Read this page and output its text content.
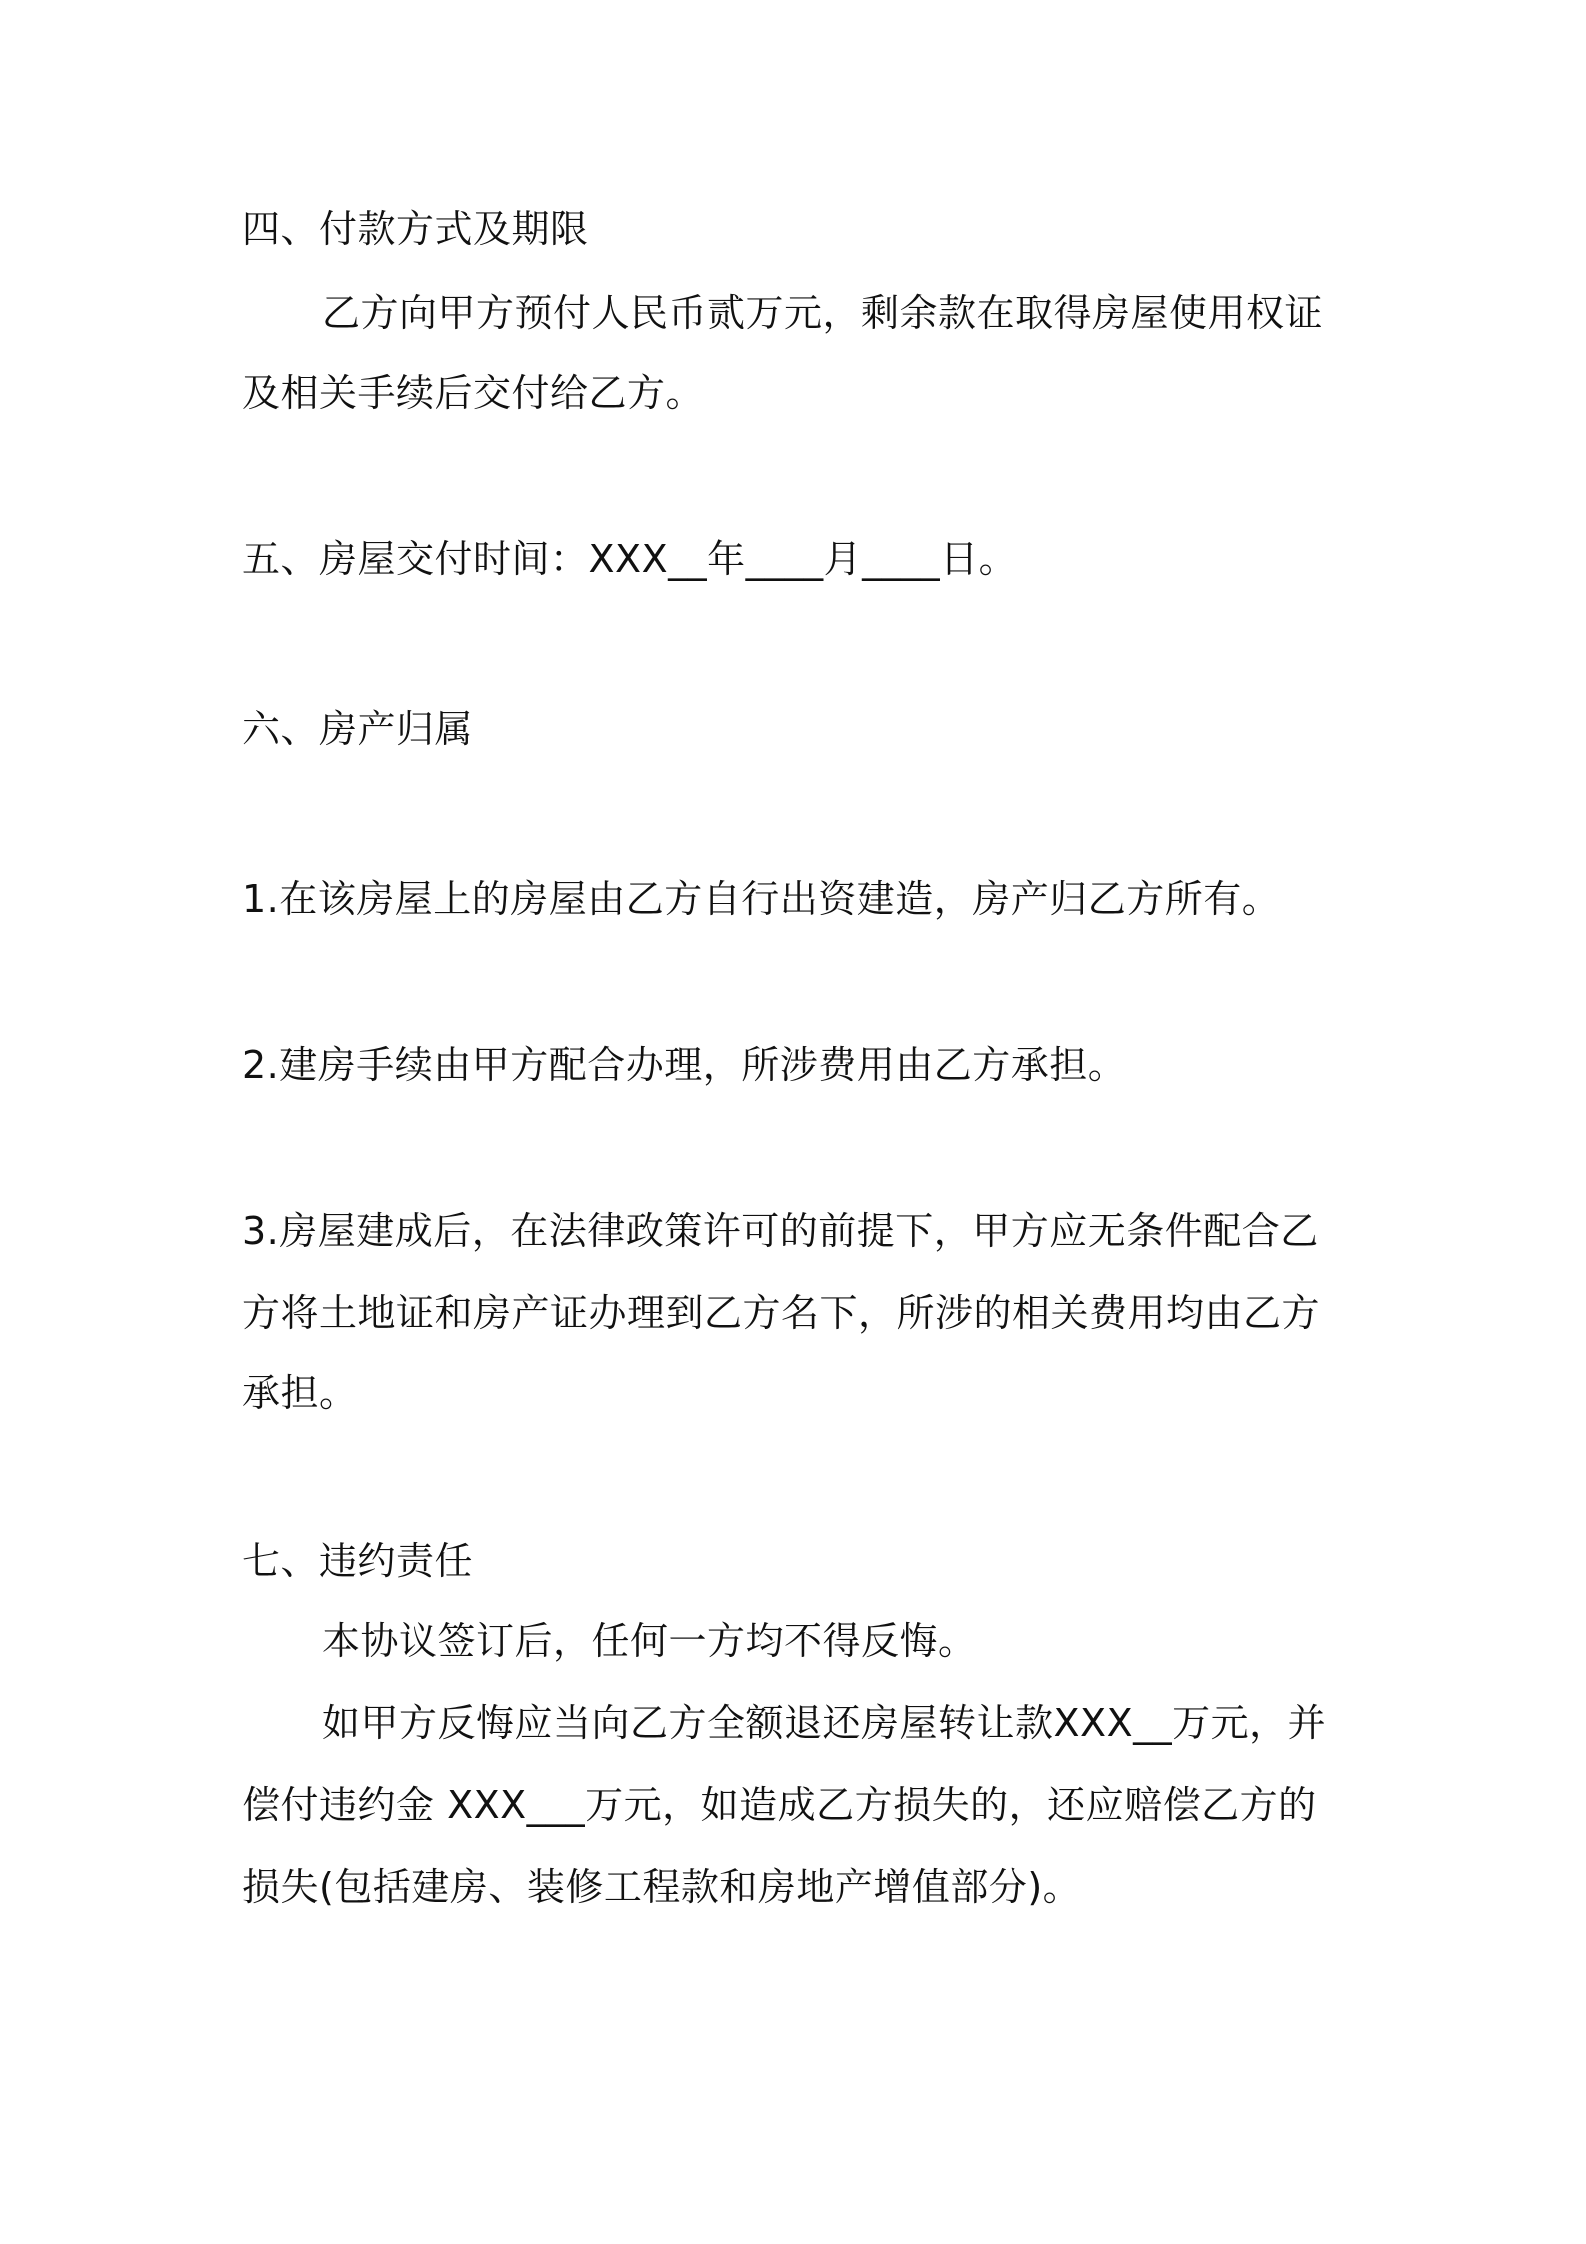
四、付款方式及期限
乙方向甲方预付人民币贰万元，剩余款在取得房屋使用权证
及相关手续后交付给乙方。
五、房屋交付时间：XXX__年____月____日。
六、房产归属
1.在该房屋上的房屋由乙方自行出资建造，房产归乙方所有。
2.建房手续由甲方配合办理，所涉费用由乙方承担。
3.房屋建成后，在法律政策许可的前提下，甲方应无条件配合乙
方将土地证和房产证办理到乙方名下，所涉的相关费用均由乙方
承担。
七、违约责任
本协议签订后，任何一方均不得反悔。
如甲方反悔应当向乙方全额退还房屋转让款XXX__万元，并
偿付违约金 XXX___万元，如造成乙方损失的，还应赔偿乙方的
损失(包括建房、装修工程款和房地产增值部分)。
